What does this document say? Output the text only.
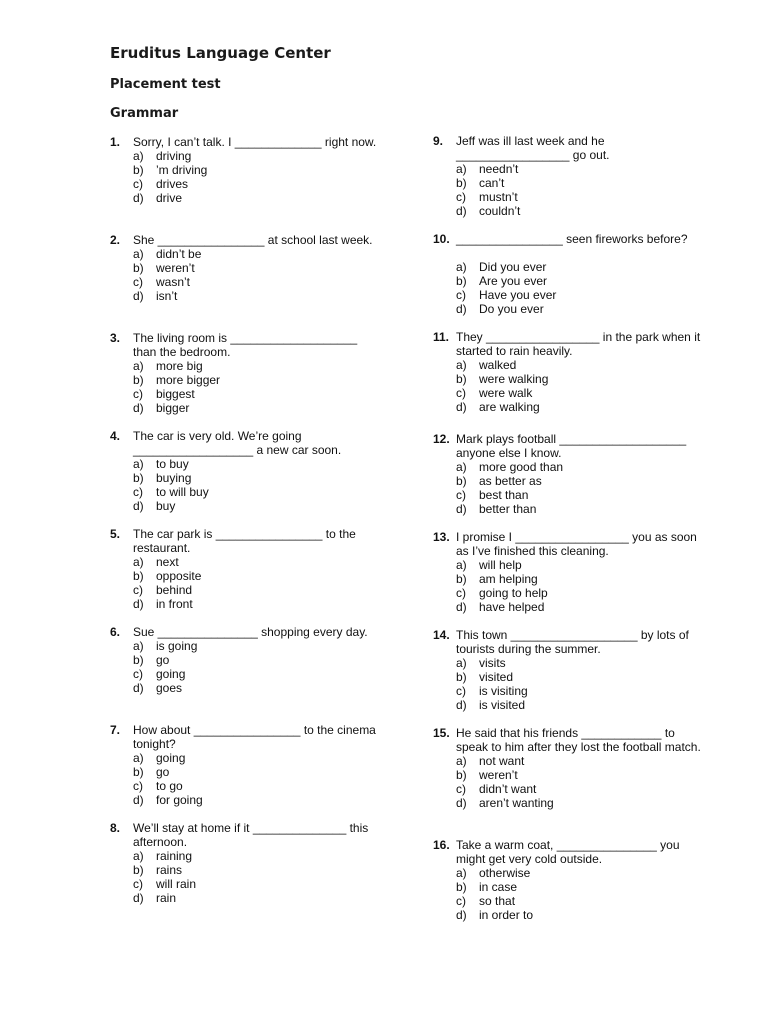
Eruditus Language Center
Placement test
Grammar
1. Sorry, I can’t talk. I _____________ right now.
a)	driving
b)	’m driving
c)	drives
d)	drive
2. She ________________ at school last week.
a)	didn’t be
b)	weren’t
c)	wasn’t
d)	isn’t
3. The living room is ___________________ than the bedroom.
a)	more big
b)	more bigger
c)	biggest
d)	bigger
4. The car is very old. We’re going __________________ a new car soon.
a)	to buy
b)	buying
c)	to will buy
d)	buy
5. The car park is ________________ to the restaurant.
a)	next
b)	opposite
c)	behind
d)	in front
6. Sue _______________ shopping every day.
a)	is going
b)	go
c)	going
d)	goes
7. How about ________________ to the cinema tonight?
a)	going
b)	go
c)	to go
d)	for going
8. We’ll stay at home if it ______________ this afternoon.
a)	raining
b)	rains
c)	will rain
d)	rain
9. Jeff was ill last week and he _________________ go out.
a)	needn’t
b)	can’t
c)	mustn’t
d)	couldn’t
10. ________________ seen fireworks before?

a)	Did you ever
b)	Are you ever
c)	Have you ever
d)	Do you ever
11. They _________________ in the park when it started to rain heavily.
a)	walked
b)	were walking
c)	were walk
d)	are walking
12. Mark plays football ___________________ anyone else I know.
a)	more good than
b)	as better as
c)	best than
d)	better than
13. I promise I _________________ you as soon as I’ve finished this cleaning.
a)	will help
b)	am helping
c)	going to help
d)	have helped
14. This town ___________________ by lots of tourists during the summer.
a)	visits
b)	visited
c)	is visiting
d)	is visited
15. He said that his friends ____________ to speak to him after they lost the football match.
a)	not want
b)	weren’t
c)	didn’t want
d)	aren’t wanting
16. Take a warm coat, _______________ you might get very cold outside.
a)	otherwise
b)	in case
c)	so that
d)	in order to
